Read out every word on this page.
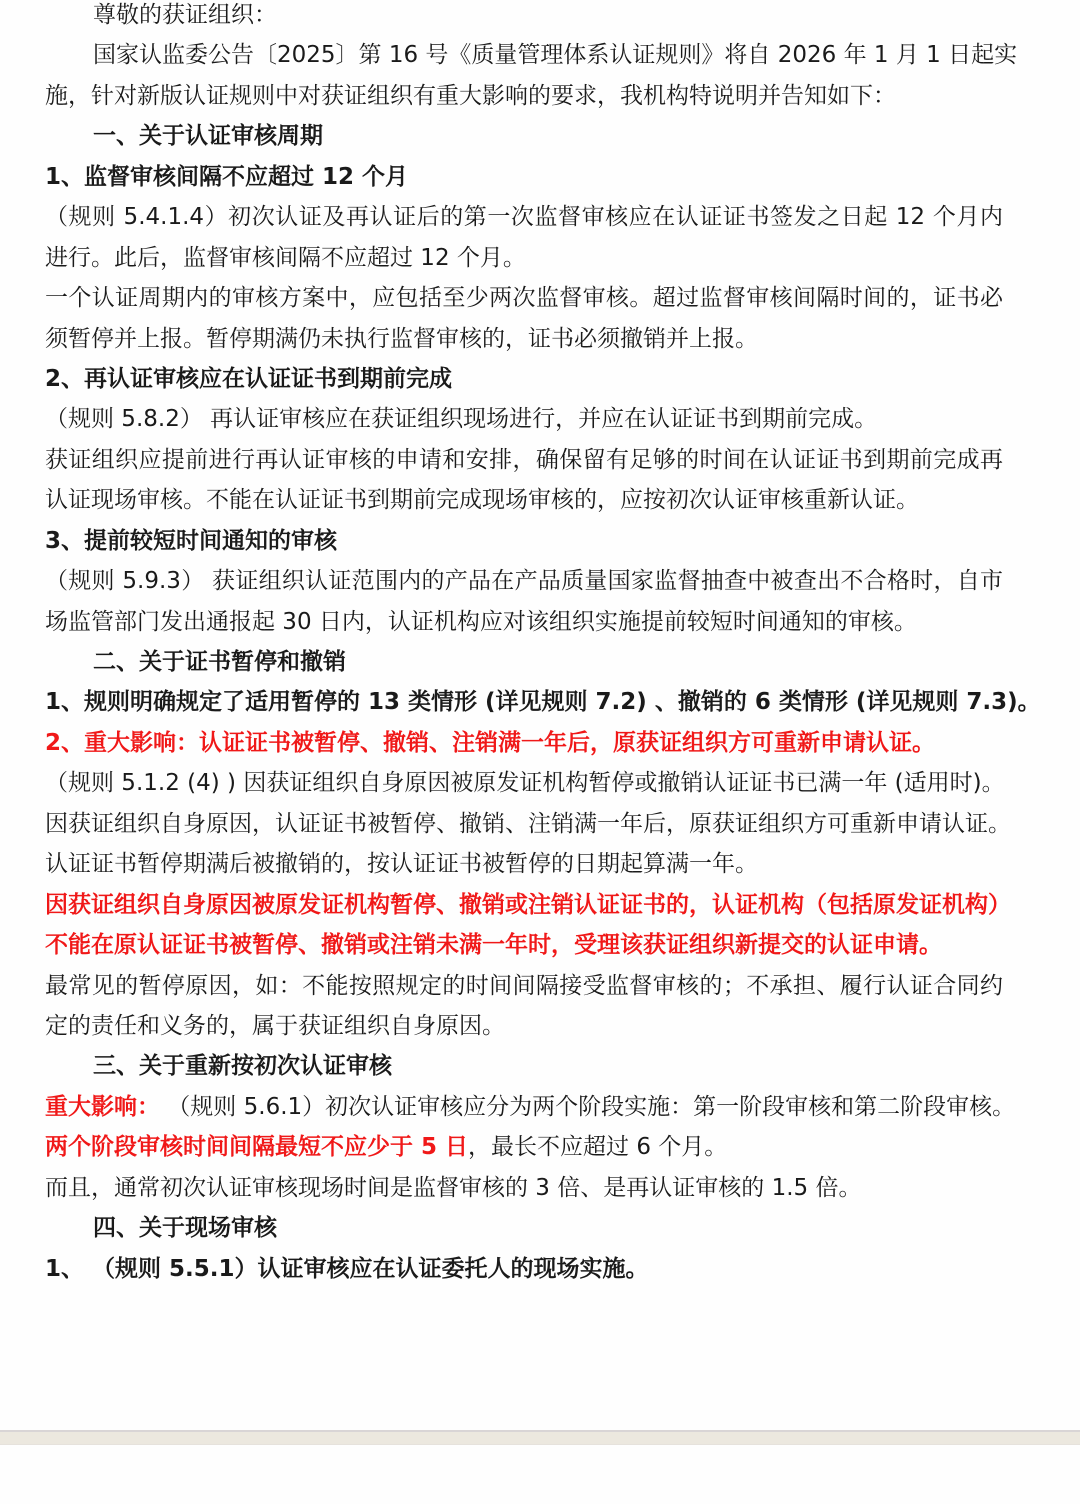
尊敬的获证组织：
国家认监委公告〔2025〕第 16 号《质量管理体系认证规则》将自 2026 年 1 月 1 日起实
施，针对新版认证规则中对获证组织有重大影响的要求，我机构特说明并告知如下：
一、关于认证审核周期
1、监督审核间隔不应超过 12 个月
（规则 5.4.1.4）初次认证及再认证后的第一次监督审核应在认证证书签发之日起 12 个月内
进行。此后，监督审核间隔不应超过 12 个月。
一个认证周期内的审核方案中，应包括至少两次监督审核。超过监督审核间隔时间的，证书必
须暂停并上报。暂停期满仍未执行监督审核的，证书必须撤销并上报。
2、再认证审核应在认证证书到期前完成
（规则 5.8.2） 再认证审核应在获证组织现场进行，并应在认证证书到期前完成。
获证组织应提前进行再认证审核的申请和安排，确保留有足够的时间在认证证书到期前完成再
认证现场审核。不能在认证证书到期前完成现场审核的，应按初次认证审核重新认证。
3、提前较短时间通知的审核
（规则 5.9.3） 获证组织认证范围内的产品在产品质量国家监督抽查中被查出不合格时，自市
场监管部门发出通报起 30 日内，认证机构应对该组织实施提前较短时间通知的审核。
二、关于证书暂停和撤销
1、规则明确规定了适用暂停的 13 类情形 (详见规则 7.2) 、撤销的 6 类情形 (详见规则 7.3)。
2、重大影响：认证证书被暂停、撤销、注销满一年后，原获证组织方可重新申请认证。
（规则 5.1.2 (4) ) 因获证组织自身原因被原发证机构暂停或撤销认证证书已满一年 (适用时)。
因获证组织自身原因，认证证书被暂停、撤销、注销满一年后，原获证组织方可重新申请认证。
认证证书暂停期满后被撤销的，按认证证书被暂停的日期起算满一年。
因获证组织自身原因被原发证机构暂停、撤销或注销认证证书的，认证机构（包括原发证机构）
不能在原认证证书被暂停、撤销或注销未满一年时，受理该获证组织新提交的认证申请。
最常见的暂停原因，如：不能按照规定的时间间隔接受监督审核的；不承担、履行认证合同约
定的责任和义务的，属于获证组织自身原因。
三、关于重新按初次认证审核
重大影响： （规则 5.6.1）初次认证审核应分为两个阶段实施：第一阶段审核和第二阶段审核。
两个阶段审核时间间隔最短不应少于 5 日，最长不应超过 6 个月。
而且，通常初次认证审核现场时间是监督审核的 3 倍、是再认证审核的 1.5 倍。
四、关于现场审核
1、 （规则 5.5.1）认证审核应在认证委托人的现场实施。
